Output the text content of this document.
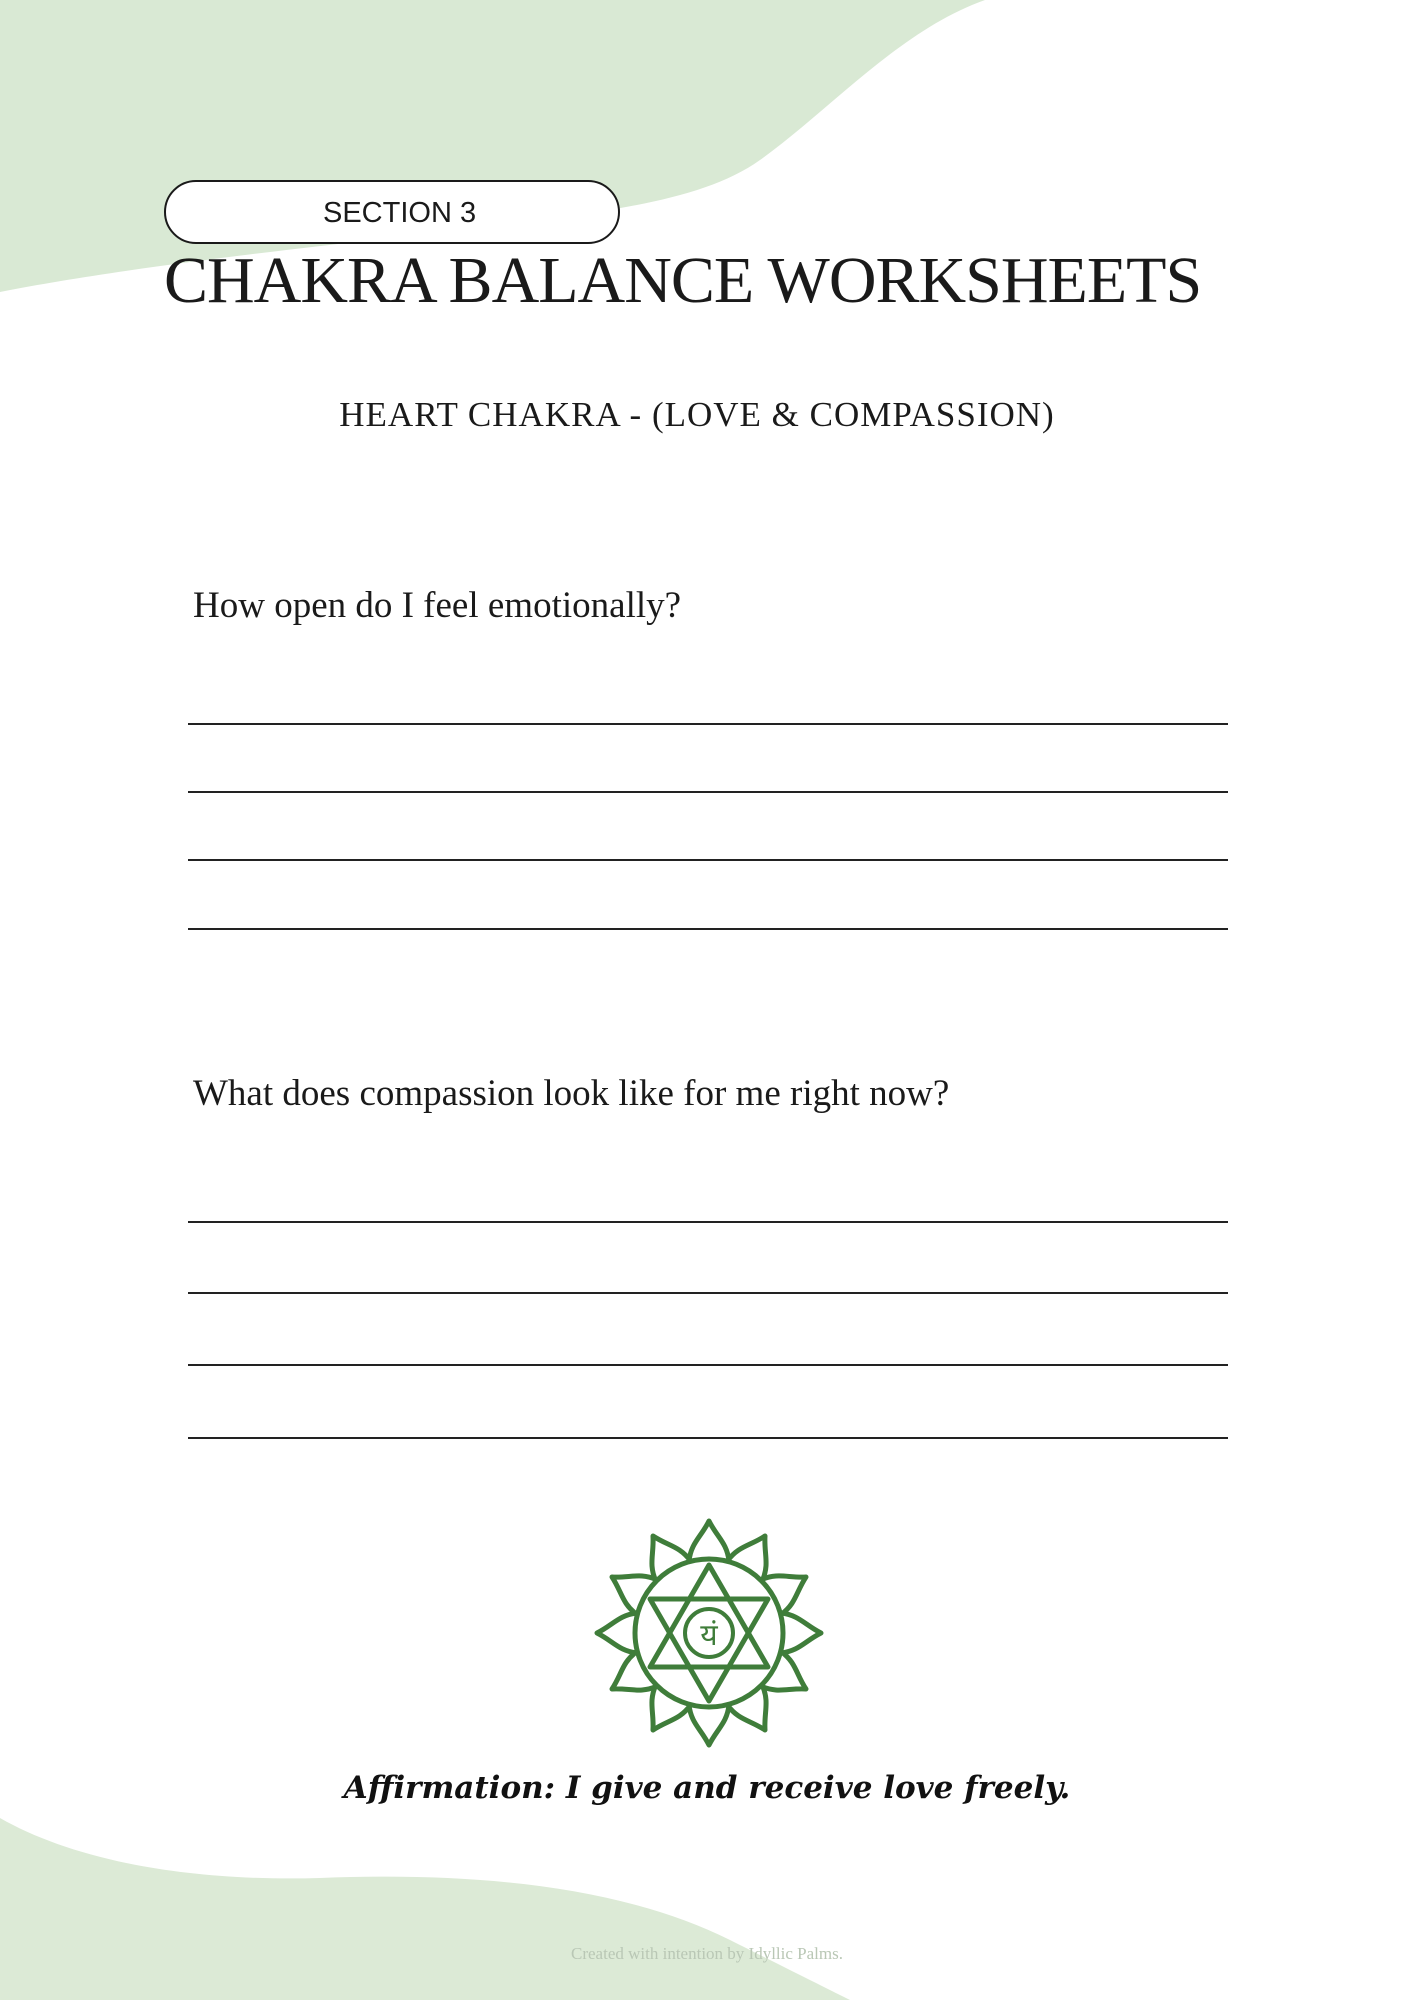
SECTION 3
CHAKRA BALANCE WORKSHEETS
HEART CHAKRA - (LOVE & COMPASSION)
How open do I feel emotionally?
What does compassion look like for me right now?
यं
Affirmation: I give and receive love freely.
Created with intention by Idyllic Palms.
